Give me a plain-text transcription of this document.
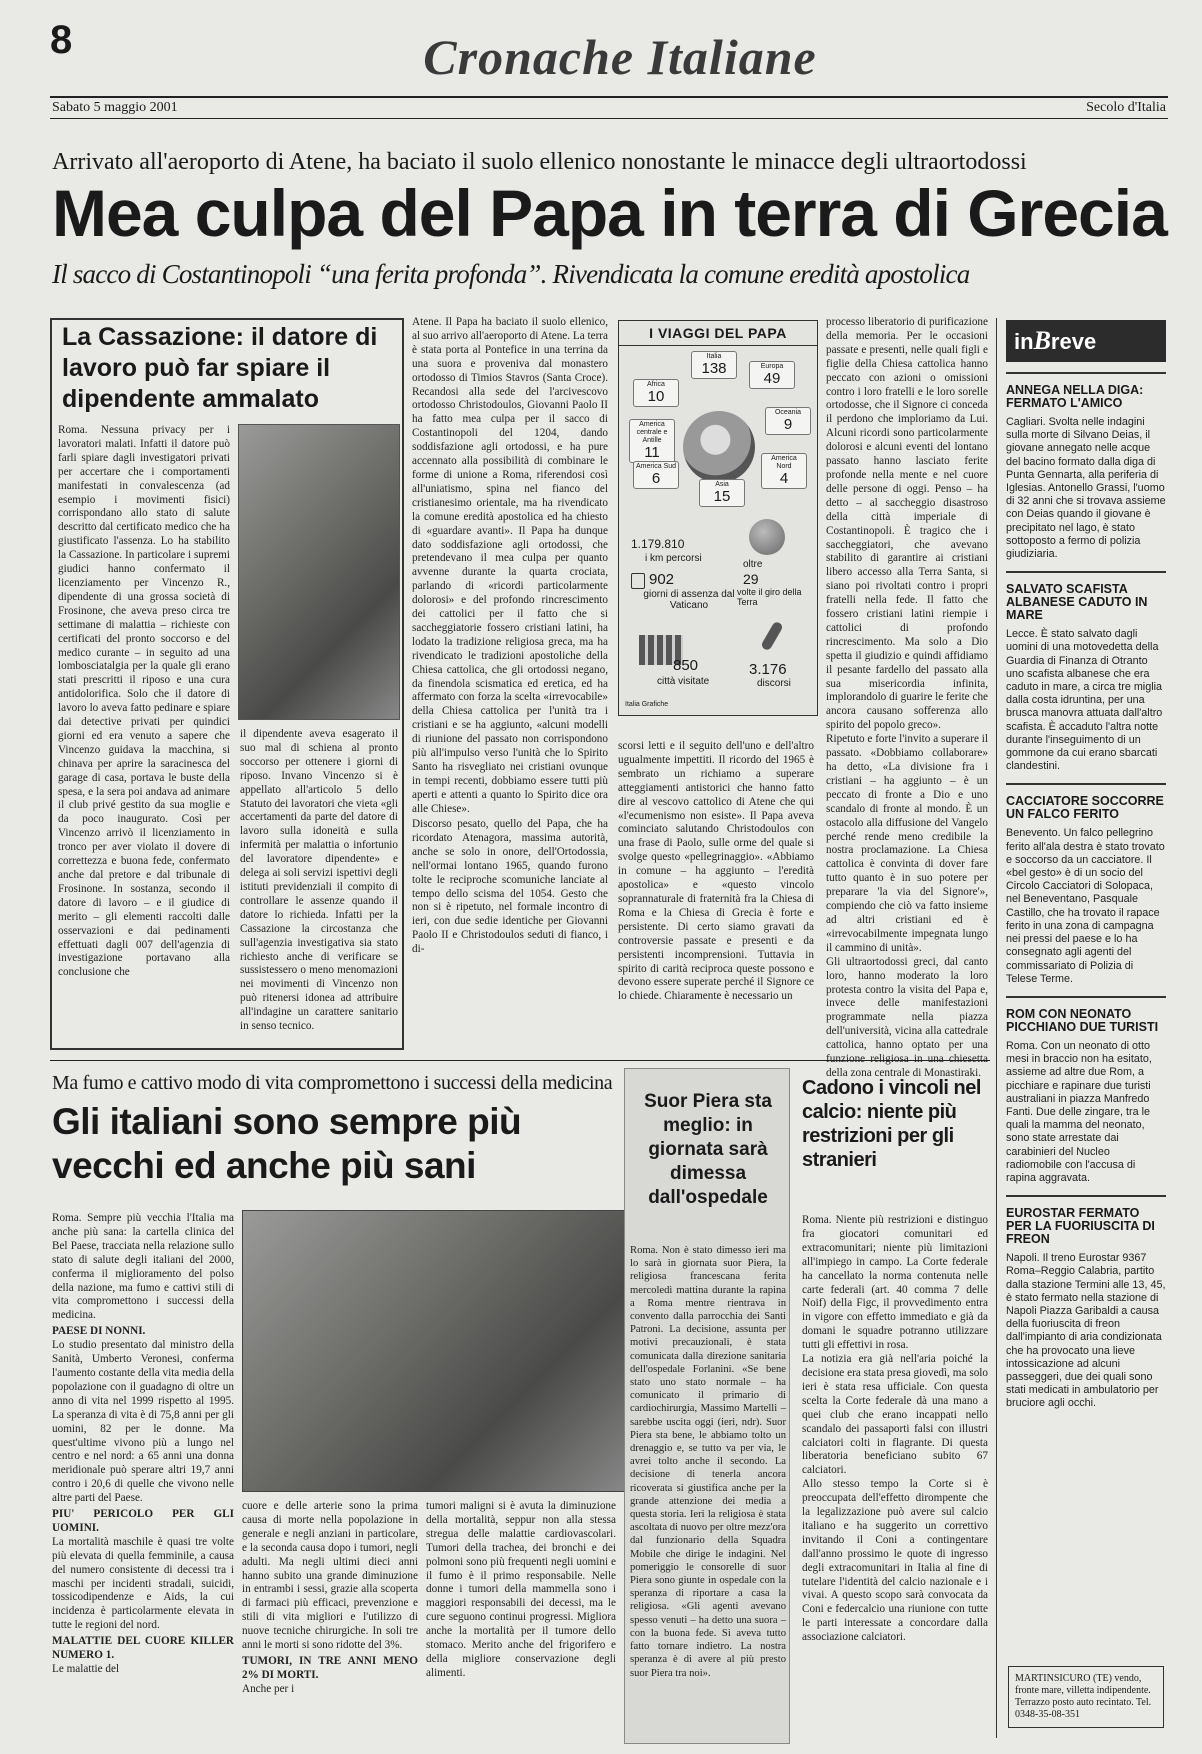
8	Cronache Italiane
Sabato 5 maggio 2001	Secolo d'Italia
Arrivato all'aeroporto di Atene, ha baciato il suolo ellenico nonostante le minacce degli ultraortodossi
Mea culpa del Papa in terra di Grecia
Il sacco di Costantinopoli “una ferita profonda”. Rivendicata la comune eredità apostolica
La Cassazione: il datore di lavoro può far spiare il dipendente ammalato
Roma. Nessuna privacy per i lavoratori malati. Infatti il datore può farli spiare dagli investigatori privati per accertare che i comportamenti manifestati in convalescenza (ad esempio i movimenti fisici) corrispondano allo stato di salute descritto dal certificato medico che ha giustificato l'assenza. Lo ha stabilito la Cassazione. In particolare i supremi giudici hanno confermato il licenziamento per Vincenzo R., dipendente di una grossa società di Frosinone, che aveva preso circa tre settimane di malattia – richieste con certificati del pronto soccorso e del medico curante – in seguito ad una lombosciatalgia per la quale gli erano stati prescritti il riposo e una cura antidolorifica. Solo che il datore di lavoro lo aveva fatto pedinare e spiare dai detective privati per quindici giorni ed era venuto a sapere che Vincenzo guidava la macchina, si chinava per aprire la saracinesca del garage di casa, portava le buste della spesa, e la sera poi andava ad animare il club privé gestito da sua moglie e da poco inaugurato. Così per Vincenzo arrivò il licenziamento in tronco per aver violato il dovere di correttezza e buona fede, confermato anche dal pretore e dal tribunale di Frosinone. In sostanza, secondo il datore di lavoro – e il giudice di merito – gli elementi raccolti dalle osservazioni e dai pedinamenti effettuati dagli 007 dell'agenzia di investigazione portavano alla conclusione che
il dipendente aveva esagerato il suo mal di schiena al pronto soccorso per ottenere i giorni di riposo. Invano Vincenzo si è appellato all'articolo 5 dello Statuto dei lavoratori che vieta «gli accertamenti da parte del datore di lavoro sulla idoneità e sulla infermità per malattia o infortunio del lavoratore dipendente» e delega ai soli servizi ispettivi degli istituti previdenziali il compito di controllare le assenze quando il datore lo richieda. Infatti per la Cassazione la circostanza che sull'agenzia investigativa sia stato richiesto anche di verificare se sussistessero o meno menomazioni nei movimenti di Vincenzo non può ritenersi idonea ad attribuire all'indagine un carattere sanitario in senso tecnico.
Atene. Il Papa ha baciato il suolo ellenico, al suo arrivo all'aeroporto di Atene. La terra è stata porta al Pontefice in una terrina da una suora e proveniva dal monastero ortodosso di Timios Stavros (Santa Croce). Recandosi alla sede del l'arcivescovo ortodosso Christodoulos, Giovanni Paolo II ha fatto mea culpa per il sacco di Costantinopoli del 1204, dando soddisfazione agli ortodossi, e ha pure accennato alla possibilità di combinare le forme di unione a Roma, riferendosi così all'uniatismo, spina nel fianco del cristianesimo orientale, ma ha rivendicato la comune eredità apostolica ed ha chiesto di «guardare avanti». Il Papa ha dunque dato soddisfazione agli ortodossi, che pretendevano il mea culpa per quanto avvenne durante la quarta crociata, parlando di «ricordi particolarmente dolorosi» e del profondo rincrescimento dei cattolici per il fatto che si saccheggiatorie fossero cristiani latini, ha lodato la tradizione religiosa greca, ma ha rivendicato le tradizioni apostoliche della Chiesa cattolica, che gli ortodossi negano, da finendola scismatica ed eretica, ed ha affermato con forza la scelta «irrevocabile» della Chiesa cattolica per l'unità tra i cristiani e se ha aggiunto, «alcuni modelli di riunione del passato non corrispondono più all'impulso verso l'unità che lo Spirito Santo ha risvegliato nei cristiani ovunque in tempi recenti, dobbiamo essere tutti più aperti e attenti a quanto lo Spirito dice ora alle Chiese».
Discorso pesato, quello del Papa, che ha ricordato Atenagora, massima autorità, anche se solo in onore, dell'Ortodossia, nell'ormai lontano 1965, quando furono tolte le reciproche scomuniche lanciate al tempo dello scisma del 1054. Gesto che non si è ripetuto, nel formale incontro di ieri, con due sedie identiche per Giovanni Paolo II e Christodoulos seduti di fianco, i di-
I VIAGGI DEL PAPA
Italia
138	Europa
49
Africa
10
America centrale e Antille
11
Oceania
9
America Sud
6	Asia
15
America Nord
4
1.179.810
i km percorsi
oltre
29
volte il giro della Terra
902
giorni di assenza dal Vaticano
850
città visitate
3.176
discorsi
Italia Grafiche
scorsi letti e il seguito dell'uno e dell'altro ugualmente impettiti. Il ricordo del 1965 è sembrato un richiamo a superare atteggiamenti antistorici che hanno fatto dire al vescovo cattolico di Atene che qui «l'ecumenismo non esiste». Il Papa aveva cominciato salutando Christodoulos con una frase di Paolo, sulle orme del quale si svolge questo «pellegrinaggio». «Abbiamo in comune – ha aggiunto – l'eredità apostolica» e «questo vincolo soprannaturale di fraternità fra la Chiesa di Roma e la Chiesa di Grecia è forte e persistente. Di certo siamo gravati da controversie passate e presenti e da persistenti incomprensioni. Tuttavia in spirito di carità reciproca queste possono e devono essere superate perché il Signore ce lo chiede. Chiaramente è necessario un
processo liberatorio di purificazione della memoria. Per le occasioni passate e presenti, nelle quali figli e figlie della Chiesa cattolica hanno peccato con azioni o omissioni contro i loro fratelli e le loro sorelle ortodosse, che il Signore ci conceda il perdono che imploriamo da Lui. Alcuni ricordi sono particolarmente dolorosi e alcuni eventi del lontano passato hanno lasciato ferite profonde nella mente e nel cuore delle persone di oggi. Penso – ha detto – al saccheggio disastroso della città imperiale di Costantinopoli. È tragico che i saccheggiatori, che avevano stabilito di garantire ai cristiani libero accesso alla Terra Santa, si siano poi rivoltati contro i propri fratelli nella fede. Il fatto che fossero cristiani latini riempie i cattolici di profondo rincrescimento. Ma solo a Dio spetta il giudizio e quindi affidiamo il pesante fardello del passato alla sua misericordia infinita, implorandolo di guarire le ferite che ancora causano sofferenza allo spirito del popolo greco».
Ripetuto e forte l'invito a superare il passato. «Dobbiamo collaborare» ha detto, «La divisione fra i cristiani – ha aggiunto – è un peccato di fronte a Dio e uno scandalo di fronte al mondo. È un ostacolo alla diffusione del Vangelo perché rende meno credibile la nostra proclamazione. La Chiesa cattolica è convinta di dover fare tutto quanto è in suo potere per preparare 'la via del Signore'», compiendo che ciò va fatto insieme ad altri cristiani ed è «irrevocabilmente impegnata lungo il cammino di unità».
Gli ultraortodossi greci, dal canto loro, hanno moderato la loro protesta contro la visita del Papa e, invece delle manifestazioni programmate nella piazza dell'università, vicina alla cattedrale cattolica, hanno optato per una della zona centrale di Monastiraki.
inBreve
ANNEGA NELLA DIGA: FERMATO L'AMICO
Cagliari. Svolta nelle indagini sulla morte di Silvano Deias, il giovane annegato nelle acque del bacino formato dalla diga di Punta Gennarta, alla periferia di Iglesias. Antonello Grassi, l'uomo di 32 anni che si trovava assieme con Deias quando il giovane è precipitato nel lago, è stato sottoposto a fermo di polizia giudiziaria.
SALVATO SCAFISTA ALBANESE CADUTO IN MARE
Lecce. È stato salvato dagli uomini di una motovedetta della Guardia di Finanza di Otranto uno scafista albanese che era caduto in mare, a circa tre miglia dalla costa idruntina, per una brusca manovra attuata dall'altro scafista. È accaduto l'altra notte durante l'inseguimento di un gommone da cui erano sbarcati clandestini.
CACCIATORE SOCCORRE UN FALCO FERITO
Benevento. Un falco pellegrino ferito all'ala destra è stato trovato e soccorso da un cacciatore. Il «bel gesto» è di un socio del Circolo Cacciatori di Solopaca, nel Beneventano, Pasquale Castillo, che ha trovato il rapace ferito in una zona di campagna nei pressi del paese e lo ha consegnato agli agenti del commissariato di Polizia di Telese Terme.
ROM CON NEONATO PICCHIANO DUE TURISTI
Roma. Con un neonato di otto mesi in braccio non ha esitato, assieme ad altre due Rom, a picchiare e rapinare due turisti australiani in piazza Manfredo Fanti. Due delle zingare, tra le quali la mamma del neonato, sono state arrestate dai carabinieri del Nucleo radiomobile con l'accusa di rapina aggravata.
EUROSTAR FERMATO PER LA FUORIUSCITA DI FREON
Napoli. Il treno Eurostar 9367 Roma–Reggio Calabria, partito dalla stazione Termini alle 13, 45, è stato fermato nella stazione di Napoli Piazza Garibaldi a causa della fuoriuscita di freon dall'impianto di aria condizionata che ha provocato una lieve intossicazione ad alcuni passeggeri, due dei quali sono stati medicati in ambulatorio per bruciore agli occhi.
MARTINSICURO (TE) vendo, fronte mare, villetta indipendente. Terrazzo posto auto recintato. Tel. 0348-35-08-351
Ma fumo e cattivo modo di vita compromettono i successi della medicina
Gli italiani sono sempre più vecchi ed anche più sani
Roma. Sempre più vecchia l'Italia ma anche più sana: la cartella clinica del Bel Paese, tracciata nella relazione sullo stato di salute degli italiani del 2000, conferma il miglioramento del polso della nazione, ma fumo e cattivi stili di vita compromettono i successi della medicina.
PAESE DI NONNI.
Lo studio presentato dal ministro della Sanità, Umberto Veronesi, conferma l'aumento costante della vita media della popolazione con il guadagno di oltre un anno di vita nel 1999 rispetto al 1995. La speranza di vita è di 75,8 anni per gli uomini, 82 per le donne. Ma quest'ultime vivono più a lungo nel centro e nel nord: a 65 anni una donna meridionale può sperare altri 19,7 anni contro i 20,6 di quelle che vivono nelle altre parti del Paese.
PIU' PERICOLO PER GLI UOMINI.
La mortalità maschile è quasi tre volte più elevata di quella femminile, a causa del numero consistente di decessi tra i maschi per incidenti stradali, suicidi, tossicodipendenze e Aids, la cui incidenza è particolarmente elevata in tutte le regioni del nord.
MALATTIE DEL CUORE KILLER NUMERO 1.
Le malattie del
cuore e delle arterie sono la prima causa di morte nella popolazione in generale e negli anziani in particolare, e la seconda causa dopo i tumori, negli adulti. Ma negli ultimi dieci anni hanno subito una grande diminuzione in entrambi i sessi, grazie alla scoperta di farmaci più efficaci, prevenzione e stili di vita migliori e l'utilizzo di nuove tecniche chirurgiche. In soli tre anni le morti si sono ridotte del 3%.
TUMORI, IN TRE ANNI MENO 2% DI MORTI.
Anche per i
tumori maligni si è avuta la diminuzione della mortalità, seppur non alla stessa stregua delle malattie cardiovascolari. Tumori della trachea, dei bronchi e dei polmoni sono più frequenti negli uomini e il fumo è il primo responsabile. Nelle donne i tumori della mammella sono i maggiori responsabili dei decessi, ma le cure seguono continui progressi. Migliora anche la mortalità per il tumore dello stomaco. Merito anche del frigorifero e della migliore conservazione degli alimenti.
Suor Piera sta meglio: in giornata sarà dimessa dall'ospedale
Roma. Non è stato dimesso ieri ma lo sarà in giornata suor Piera, la religiosa francescana ferita mercoledì mattina durante la rapina a Roma mentre rientrava in convento dalla parrocchia dei Santi Patroni. La decisione, assunta per motivi precauzionali, è stata comunicata dalla direzione sanitaria dell'ospedale Forlanini. «Se bene stato uno stato normale – ha comunicato il primario di cardiochirurgia, Massimo Martelli – sarebbe uscita oggi (ieri, ndr). Suor Piera sta bene, le abbiamo tolto un drenaggio e, se tutto va per via, le avrei tolto anche il secondo. La decisione di tenerla ancora ricoverata si giustifica anche per la grande attenzione dei media a questa storia. Ieri la religiosa è stata ascoltata di nuovo per oltre mezz'ora dal funzionario della Squadra Mobile che dirige le indagini. Nel pomeriggio le consorelle di suor Piera sono giunte in ospedale con la speranza di riportare a casa la religiosa. «Gli agenti avevano spesso venuti – ha detto una suora – con la buona fede. Si aveva tutto fatto tornare indietro. La nostra speranza è di avere al più presto suor Piera tra noi».
Cadono i vincoli nel calcio: niente più restrizioni per gli stranieri
Roma. Niente più restrizioni e distinguo fra giocatori comunitari ed extracomunitari; niente più limitazioni all'impiego in campo. La Corte federale ha cancellato la norma contenuta nelle carte federali (art. 40 comma 7 delle Noif) della Figc, il provvedimento entra in vigore con effetto immediato e già da domani le squadre potranno utilizzare tutti gli effettivi in rosa.
La notizia era già nell'aria poiché la decisione era stata presa giovedì, ma solo ieri è stata resa ufficiale. Con questa scelta la Corte federale dà una mano a quei club che erano incappati nello scandalo dei passaporti falsi con illustri calciatori colti in flagrante. Di questa liberatoria beneficiano subito 67 calciatori.
Allo stesso tempo la Corte si è preoccupata dell'effetto dirompente che la legalizzazione può avere sul calcio italiano e ha suggerito un correttivo invitando il Coni a contingentare dall'anno prossimo le quote di ingresso degli extracomunitari in Italia al fine di tutelare l'identità del calcio nazionale e i vivai. A questo scopo sarà convocata da Coni e federcalcio una riunione con tutte le parti interessate a concordare dalla associazione calciatori.
